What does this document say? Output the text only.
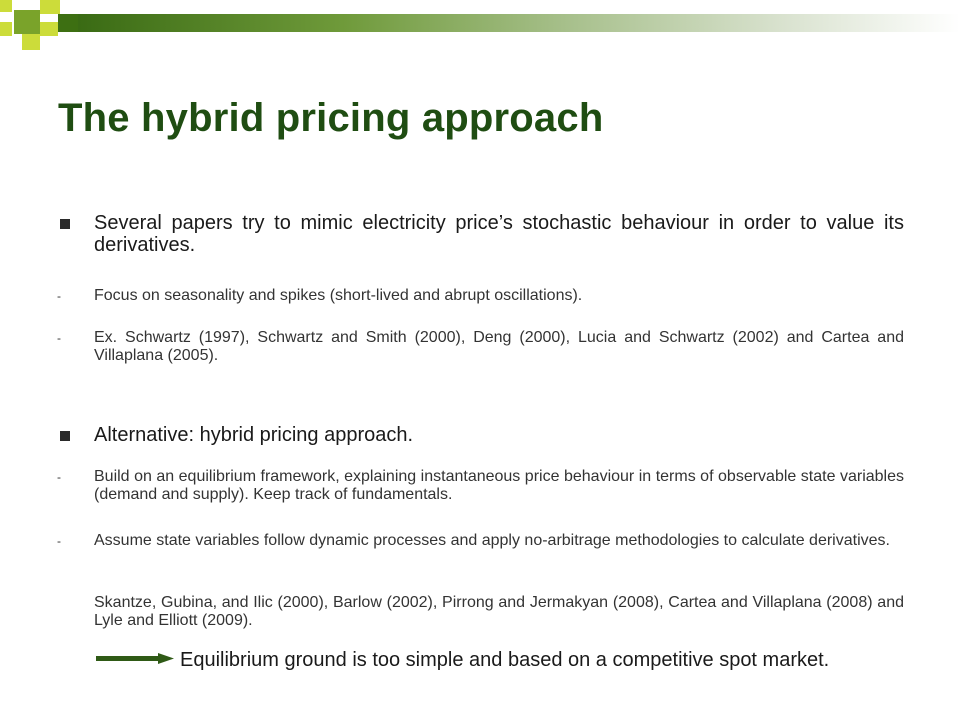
The hybrid pricing approach
Several papers try to mimic electricity price’s stochastic behaviour in order to value its derivatives.
- Focus on seasonality and spikes (short-lived and abrupt oscillations).
- Ex. Schwartz (1997), Schwartz and Smith (2000), Deng (2000), Lucia and Schwartz (2002) and Cartea and Villaplana (2005).
Alternative: hybrid pricing approach.
- Build on an equilibrium framework, explaining instantaneous price behaviour in terms of observable state variables (demand and supply). Keep track of fundamentals.
- Assume state variables follow dynamic processes and apply no-arbitrage methodologies to calculate derivatives.
Skantze, Gubina, and Ilic (2000), Barlow (2002), Pirrong and Jermakyan (2008), Cartea and Villaplana (2008) and Lyle and Elliott (2009).
Equilibrium ground is too simple and based on a competitive spot market.
